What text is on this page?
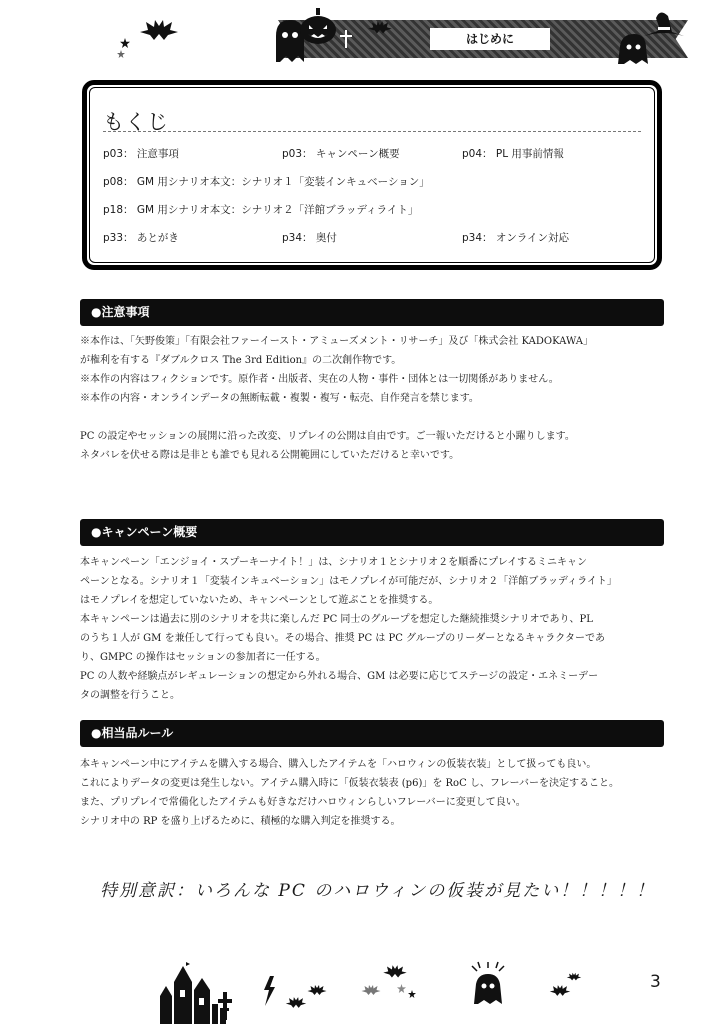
はじめに
もくじ
p03： 注意事項	p03： キャンペーン概要	p04： PL 用事前情報
p08： GM 用シナリオ本文：シナリオ１「変装インキュベーション」
p18： GM 用シナリオ本文：シナリオ２「洋館ブラッディライト」
p33： あとがき	p34： 奥付	p34： オンライン対応
●注意事項
※本作は、「矢野俊策」「有限会社ファーイースト・アミューズメント・リサーチ」及び「株式会社 KADOKAWA」
が権利を有する『ダブルクロス The 3rd Edition』の二次創作物です。
※本作の内容はフィクションです。原作者・出版者、実在の人物・事件・団体とは一切関係がありません。
※本作の内容・オンラインデータの無断転載・複製・複写・転売、自作発言を禁じます。
PC の設定やセッションの展開に沿った改変、リプレイの公開は自由です。ご一報いただけると小躍りします。
ネタバレを伏せる際は是非とも誰でも見れる公開範囲にしていただけると幸いです。
●キャンペーン概要
本キャンペーン「エンジョイ・スプーキーナイト！」は、シナリオ１とシナリオ２を順番にプレイするミニキャン
ペーンとなる。シナリオ１「変装インキュベーション」はモノプレイが可能だが、シナリオ２「洋館ブラッディライト」
はモノプレイを想定していないため、キャンペーンとして遊ぶことを推奨する。
本キャンペーンは過去に別のシナリオを共に楽しんだ PC 同士のグループを想定した継続推奨シナリオであり、PL
のうち１人が GM を兼任して行っても良い。その場合、推奨 PC は PC グループのリーダーとなるキャラクターであ
り、GMPC の操作はセッションの参加者に一任する。
PC の人数や経験点がレギュレーションの想定から外れる場合、GM は必要に応じてステージの設定・エネミーデー
タの調整を行うこと。
●相当品ルール
本キャンペーン中にアイテムを購入する場合、購入したアイテムを「ハロウィンの仮装衣装」として扱っても良い。
これによりデータの変更は発生しない。アイテム購入時に「仮装衣装表 (p6)」を RoC し、フレーバーを決定すること。
また、プリプレイで常備化したアイテムも好きなだけハロウィンらしいフレーバーに変更して良い。
シナリオ中の RP を盛り上げるために、積極的な購入判定を推奨する。
特別意訳：いろんな PC のハロウィンの仮装が見たい！！！！！
3
